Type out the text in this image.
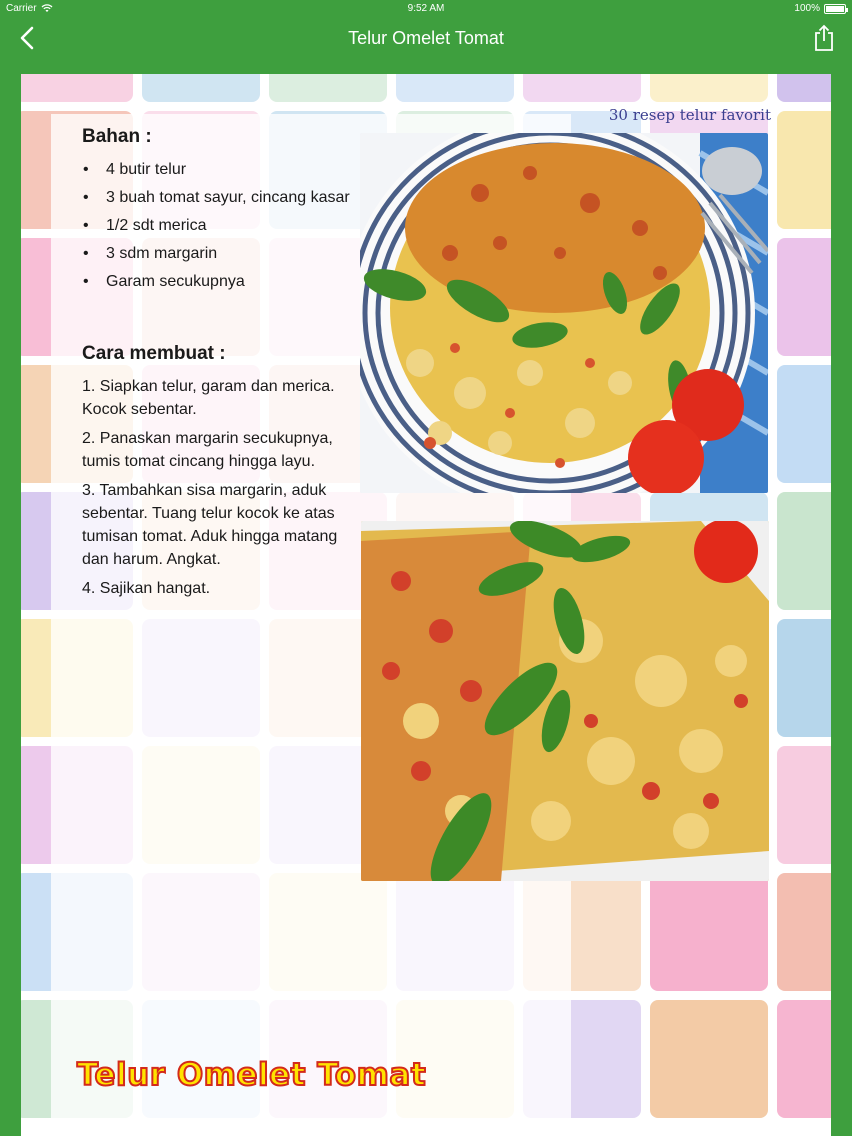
Carrier	9:52 AM	100%
Telur Omelet Tomat
30 resep telur favorit
Bahan :
• 4 butir telur
• 3 buah tomat sayur, cincang kasar
• 1/2 sdt merica
• 3 sdm margarin
• Garam secukupnya
Cara membuat :
1. Siapkan telur, garam dan merica. Kocok sebentar.
2. Panaskan margarin secukupnya, tumis tomat cincang hingga layu.
3. Tambahkan sisa margarin, aduk sebentar. Tuang telur kocok ke atas tumisan tomat. Aduk hingga matang dan harum. Angkat.
4. Sajikan hangat.
Telur Omelet Tomat
